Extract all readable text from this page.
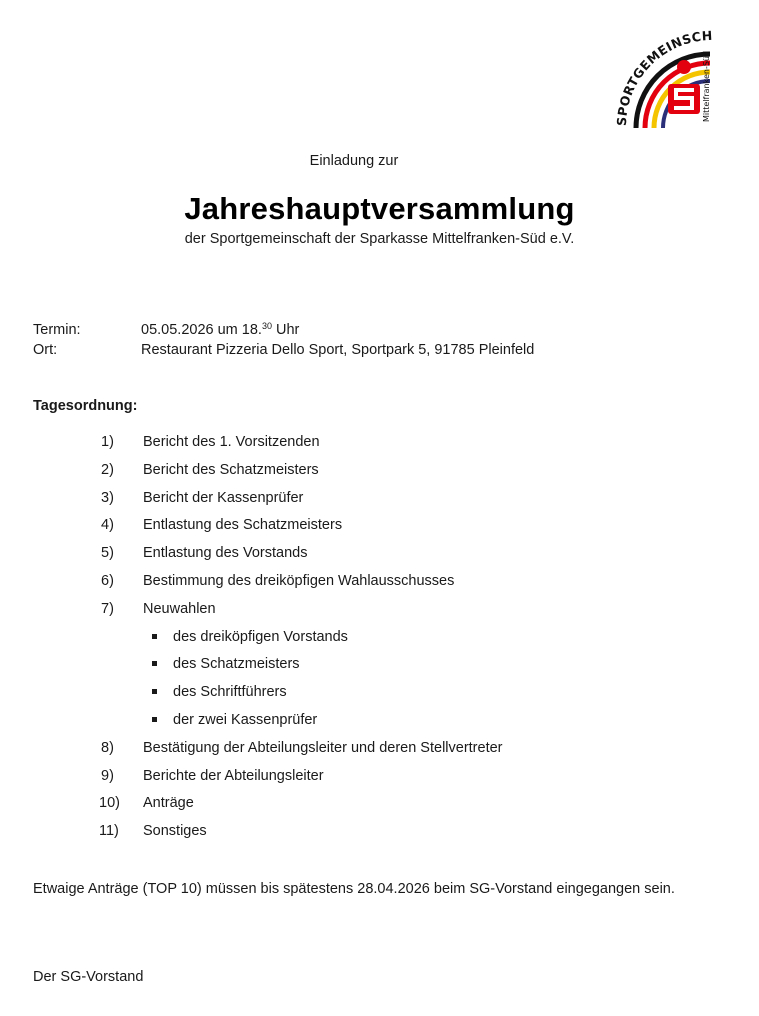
SPORTGEMEINSCH
Mittelfranken-Süd
Einladung zur
Jahreshauptversammlung
der Sportgemeinschaft der Sparkasse Mittelfranken-Süd e.V.
Termin:	05.05.2026 um 18.30 Uhr
Ort:	Restaurant Pizzeria Dello Sport, Sportpark 5, 91785 Pleinfeld
Tagesordnung:
1) Bericht des 1. Vorsitzenden
2) Bericht des Schatzmeisters
3) Bericht der Kassenprüfer
4) Entlastung des Schatzmeisters
5) Entlastung des Vorstands
6) Bestimmung des dreiköpfigen Wahlausschusses
7) Neuwahlen
des dreiköpfigen Vorstands
des Schatzmeisters
des Schriftführers
der zwei Kassenprüfer
8) Bestätigung der Abteilungsleiter und deren Stellvertreter
9) Berichte der Abteilungsleiter
10) Anträge
11) Sonstiges
Etwaige Anträge (TOP 10) müssen bis spätestens 28.04.2026 beim SG-Vorstand eingegangen sein.
Der SG-Vorstand
